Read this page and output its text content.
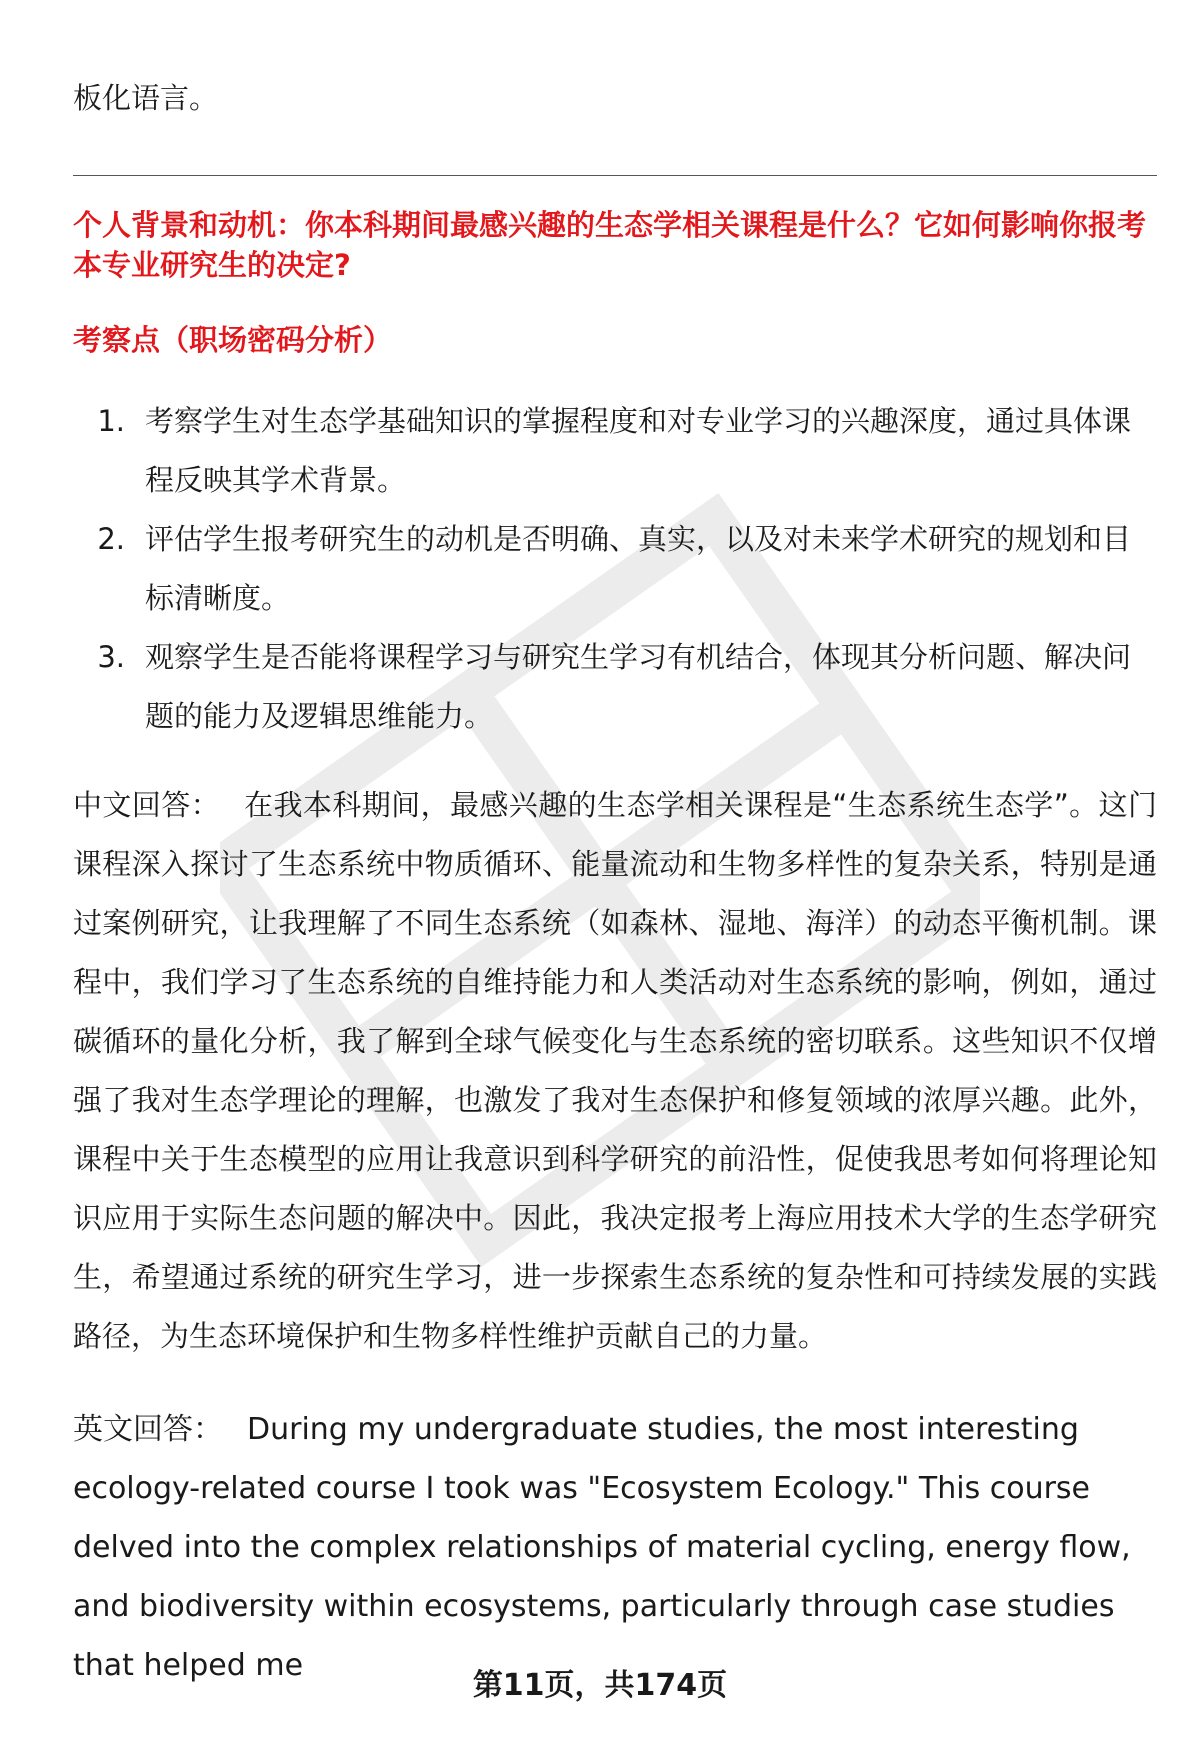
板化语言。

个人背景和动机：你本科期间最感兴趣的生态学相关课程是什么？它如何影响你报考本专业研究生的决定?

考察点（职场密码分析）

1. 考察学生对生态学基础知识的掌握程度和对专业学习的兴趣深度，通过具体课程反映其学术背景。
2. 评估学生报考研究生的动机是否明确、真实，以及对未来学术研究的规划和目标清晰度。
3. 观察学生是否能将课程学习与研究生学习有机结合，体现其分析问题、解决问题的能力及逻辑思维能力。

中文回答： 在我本科期间，最感兴趣的生态学相关课程是“生态系统生态学”。这门课程深入探讨了生态系统中物质循环、能量流动和生物多样性的复杂关系，特别是通过案例研究，让我理解了不同生态系统（如森林、湿地、海洋）的动态平衡机制。课程中，我们学习了生态系统的自维持能力和人类活动对生态系统的影响，例如，通过碳循环的量化分析，我了解到全球气候变化与生态系统的密切联系。这些知识不仅增强了我对生态学理论的理解，也激发了我对生态保护和修复领域的浓厚兴趣。此外，课程中关于生态模型的应用让我意识到科学研究的前沿性，促使我思考如何将理论知识应用于实际生态问题的解决中。因此，我决定报考上海应用技术大学的生态学研究生，希望通过系统的研究生学习，进一步探索生态系统的复杂性和可持续发展的实践路径，为生态环境保护和生物多样性维护贡献自己的力量。

英文回答： During my undergraduate studies, the most interesting ecology-related course I took was "Ecosystem Ecology." This course delved into the complex relationships of material cycling, energy flow, and biodiversity within ecosystems, particularly through case studies that helped me

第11页，共174页
